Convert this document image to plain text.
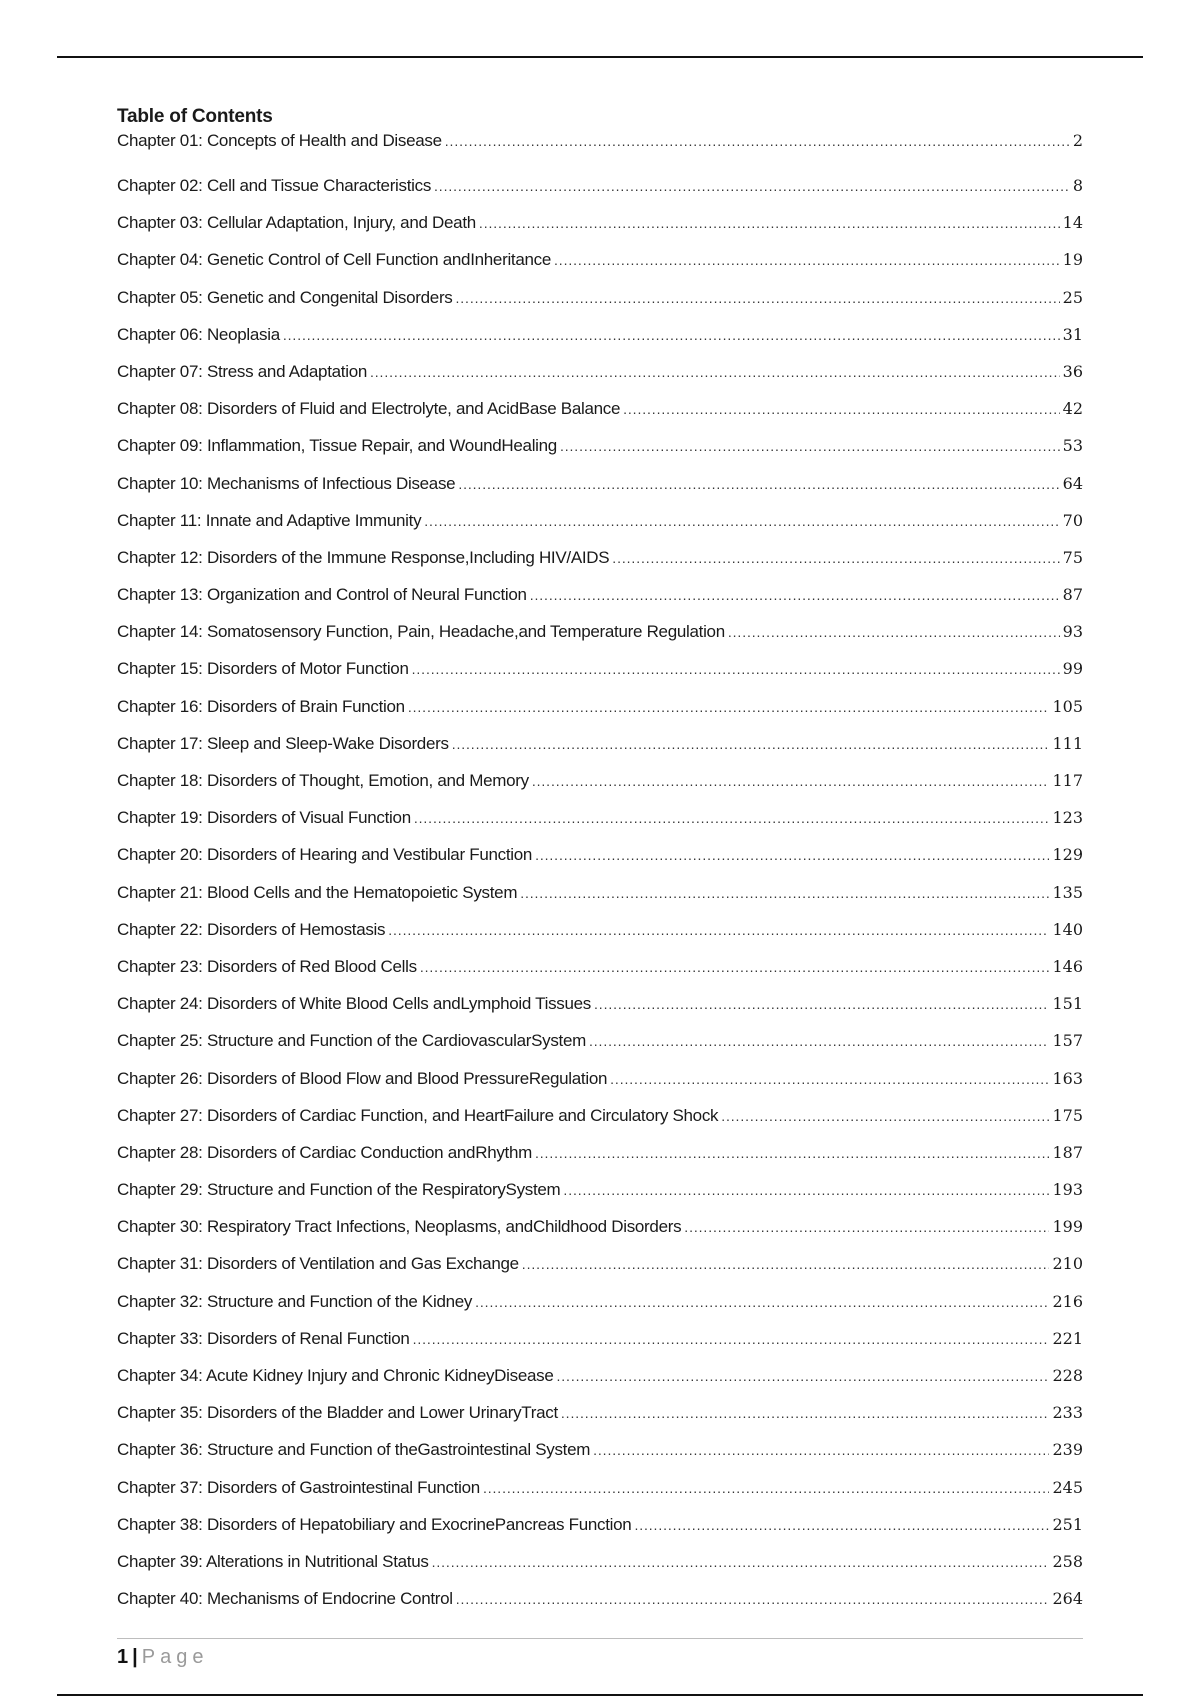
Table of Contents
Chapter 01: Concepts of Health and Disease . . .	2
Chapter 02: Cell and Tissue Characteristics . . .	8
Chapter 03: Cellular Adaptation, Injury, and Death . . .	14
Chapter 04: Genetic Control of Cell Function andInheritance . . .	19
Chapter 05: Genetic and Congenital Disorders . . .	25
Chapter 06: Neoplasia . . .	31
Chapter 07: Stress and Adaptation . . .	36
Chapter 08: Disorders of Fluid and Electrolyte, and AcidBase Balance . . .	42
Chapter 09: Inflammation, Tissue Repair, and WoundHealing . . .	53
Chapter 10: Mechanisms of Infectious Disease . . .	64
Chapter 11: Innate and Adaptive Immunity . . .	70
Chapter 12: Disorders of the Immune Response,Including HIV/AIDS . . .	75
Chapter 13: Organization and Control of Neural Function . . .	87
Chapter 14: Somatosensory Function, Pain, Headache,and Temperature Regulation . . .	93
Chapter 15: Disorders of Motor Function . . .	99
Chapter 16: Disorders of Brain Function . . .	105
Chapter 17: Sleep and Sleep-Wake Disorders . . .	111
Chapter 18: Disorders of Thought, Emotion, and Memory . . .	117
Chapter 19: Disorders of Visual Function . . .	123
Chapter 20: Disorders of Hearing and Vestibular Function . . .	129
Chapter 21: Blood Cells and the Hematopoietic System . . .	135
Chapter 22: Disorders of Hemostasis . . .	140
Chapter 23: Disorders of Red Blood Cells . . .	146
Chapter 24: Disorders of White Blood Cells andLymphoid Tissues . . .	151
Chapter 25: Structure and Function of the CardiovascularSystem . . .	157
Chapter 26: Disorders of Blood Flow and Blood PressureRegulation . . .	163
Chapter 27: Disorders of Cardiac Function, and HeartFailure and Circulatory Shock . . .	175
Chapter 28: Disorders of Cardiac Conduction andRhythm . . .	187
Chapter 29: Structure and Function of the RespiratorySystem . . .	193
Chapter 30: Respiratory Tract Infections, Neoplasms, andChildhood Disorders . . .	199
Chapter 31: Disorders of Ventilation and Gas Exchange . . .	210
Chapter 32: Structure and Function of the Kidney . . .	216
Chapter 33: Disorders of Renal Function . . .	221
Chapter 34: Acute Kidney Injury and Chronic KidneyDisease . . .	228
Chapter 35: Disorders of the Bladder and Lower UrinaryTract . . .	233
Chapter 36: Structure and Function of theGastrointestinal System . . .	239
Chapter 37: Disorders of Gastrointestinal Function . . .	245
Chapter 38: Disorders of Hepatobiliary and ExocrinePancreas Function . . .	251
Chapter 39: Alterations in Nutritional Status . . .	258
Chapter 40: Mechanisms of Endocrine Control . . .	264
1 | Page
